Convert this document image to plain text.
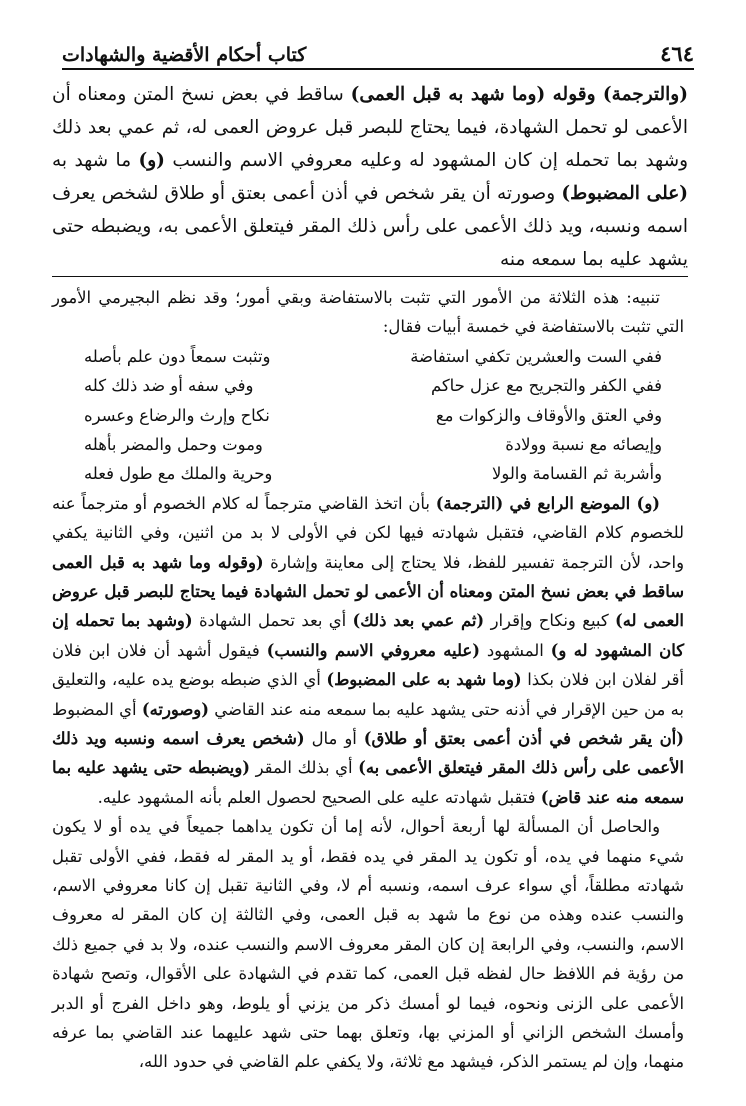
٤٦٤
كتاب أحكام الأقضية والشهادات

(والترجمة) وقوله (وما شهد به قبل العمى) ساقط في بعض نسخ المتن ومعناه أن الأعمى لو تحمل الشهادة، فيما يحتاج للبصر قبل عروض العمى له، ثم عمي بعد ذلك وشهد بما تحمله إن كان المشهود له وعليه معروفي الاسم والنسب (و) ما شهد به (على المضبوط) وصورته أن يقر شخص في أذن أعمى بعتق أو طلاق لشخص يعرف اسمه ونسبه، ويد ذلك الأعمى على رأس ذلك المقر فيتعلق الأعمى به، ويضبطه حتى يشهد عليه بما سمعه منه

تنبيه: هذه الثلاثة من الأمور التي تثبت بالاستفاضة وبقي أمور؛ وقد نظم البجيرمي الأمور التي تثبت بالاستفاضة في خمسة أبيات فقال:

ففي الست والعشرين تكفي استفاضة
وتثبت سمعاً دون علم بأصله
ففي الكفر والتجريح مع عزل حاكم
وفي سفه أو ضد ذلك كله
وفي العتق والأوقاف والزكوات مع
نكاح وإرث والرضاع وعسره
وإيصائه مع نسبة وولادة
وموت وحمل والمضر بأهله
وأشربة ثم القسامة والولا
وحرية والملك مع طول فعله

(و) الموضع الرابع في (الترجمة) بأن اتخذ القاضي مترجماً له كلام الخصوم أو مترجماً عنه للخصوم كلام القاضي، فتقبل شهادته فيها لكن في الأولى لا بد من اثنين، وفي الثانية يكفي واحد، لأن الترجمة تفسير للفظ، فلا يحتاج إلى معاينة وإشارة (وقوله وما شهد به قبل العمى ساقط في بعض نسخ المتن ومعناه أن الأعمى لو تحمل الشهادة فيما يحتاج للبصر قبل عروض العمى له) كبيع ونكاح وإقرار (ثم عمي بعد ذلك) أي بعد تحمل الشهادة (وشهد بما تحمله إن كان المشهود له و) المشهود (عليه معروفي الاسم والنسب) فيقول أشهد أن فلان ابن فلان أقر لفلان ابن فلان بكذا (وما شهد به على المضبوط) أي الذي ضبطه بوضع يده عليه، والتعليق به من حين الإقرار في أذنه حتى يشهد عليه بما سمعه منه عند القاضي (وصورته) أي المضبوط (أن يقر شخص في أذن أعمى بعتق أو طلاق) أو مال (شخص يعرف اسمه ونسبه ويد ذلك الأعمى على رأس ذلك المقر فيتعلق الأعمى به) أي بذلك المقر (ويضبطه حتى يشهد عليه بما سمعه منه عند قاض) فتقبل شهادته عليه على الصحيح لحصول العلم بأنه المشهود عليه.

والحاصل أن المسألة لها أربعة أحوال، لأنه إما أن تكون يداهما جميعاً في يده أو لا يكون شيء منهما في يده، أو تكون يد المقر في يده فقط، أو يد المقر له فقط، ففي الأولى تقبل شهادته مطلقاً، أي سواء عرف اسمه، ونسبه أم لا، وفي الثانية تقبل إن كانا معروفي الاسم، والنسب عنده وهذه من نوع ما شهد به قبل العمى، وفي الثالثة إن كان المقر له معروف الاسم، والنسب، وفي الرابعة إن كان المقر معروف الاسم والنسب عنده، ولا بد في جميع ذلك من رؤية فم اللافظ حال لفظه قبل العمى، كما تقدم في الشهادة على الأقوال، وتصح شهادة الأعمى على الزنى ونحوه، فيما لو أمسك ذكر من يزني أو يلوط، وهو داخل الفرج أو الدبر وأمسك الشخص الزاني أو المزني بها، وتعلق بهما حتى شهد عليهما عند القاضي بما عرفه منهما، وإن لم يستمر الذكر، فيشهد مع ثلاثة، ولا يكفي علم القاضي في حدود الله،
